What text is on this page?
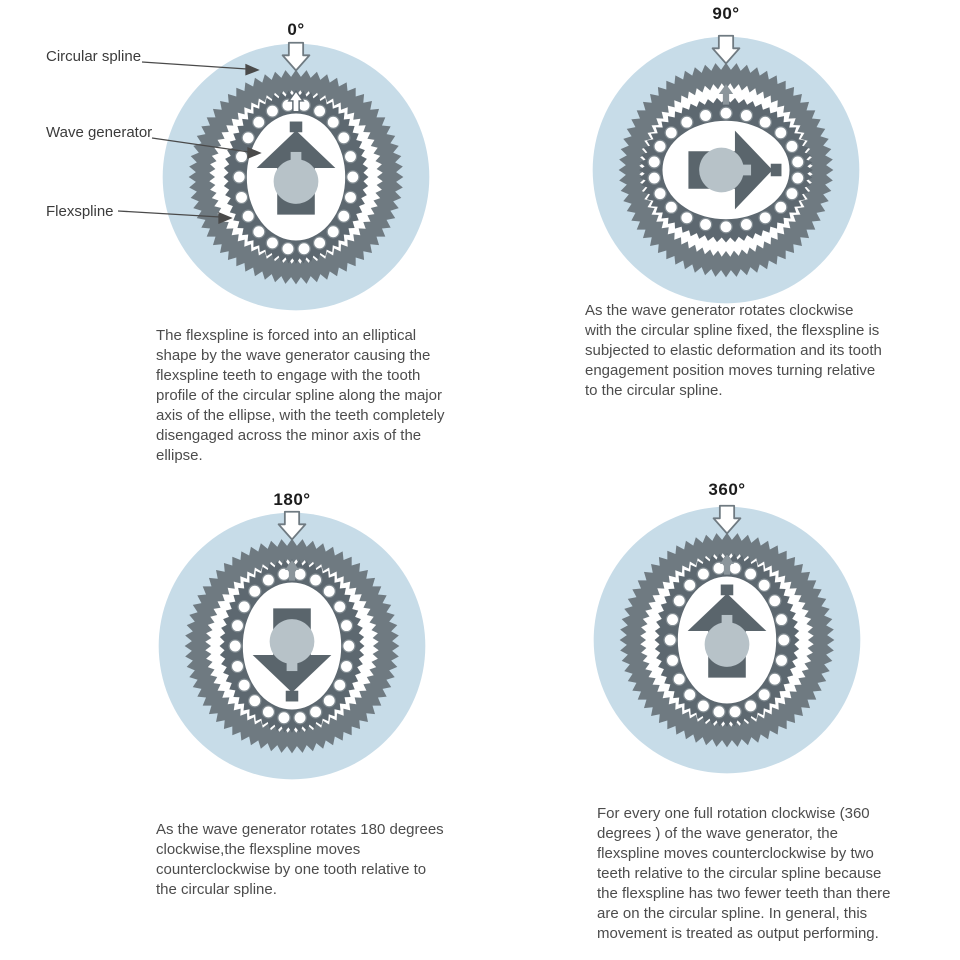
0°
The flexspline is forced into an elliptical shape by the wave generator causing the flexspline teeth to engage with the tooth profile of the circular spline along the major axis of the ellipse, with the teeth completely disengaged across the minor axis of the ellipse.
90°
As the wave generator rotates clockwise with the circular spline fixed, the flexspline is subjected to elastic deformation and its tooth engagement position moves turning relative to the circular spline.
180°
As the wave generator rotates 180 degrees clockwise,the flexspline moves counterclockwise by one tooth relative to the circular spline.
360°
For every one full rotation clockwise (360 degrees ) of the wave generator, the flexspline moves counterclockwise by two teeth relative to the circular spline because the flexspline has two fewer teeth than there are on the circular spline. In general, this movement is treated as output performing.
Circular spline
Wave generator
Flexspline
